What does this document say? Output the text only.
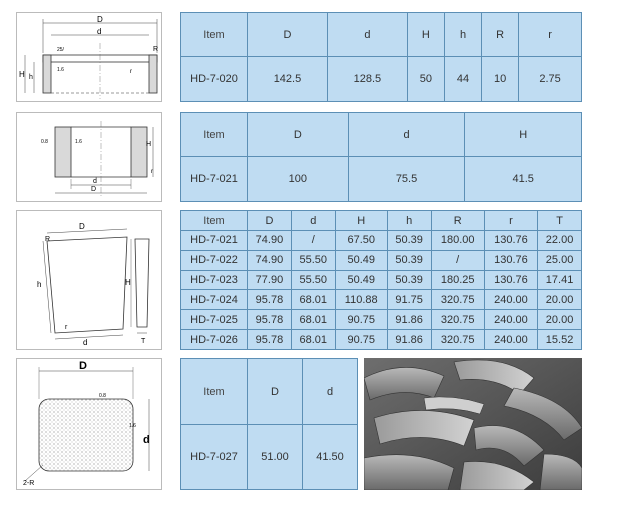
D
d
H h
R
r
25/
1.6
Item	D	d	H	h	R	r
HD-7-020	142.5	128.5	50	44	10	2.75
d
D
H
r
0.8	1.6
Item	D	d	H
HD-7-021	100	75.5	41.5
D
d
R
r
h	H
T
Item	D	d	H	h	R	r	T
HD-7-021	74.90	/	67.50	50.39	180.00	130.76	22.00
HD-7-022	74.90	55.50	50.49	50.39	/	130.76	25.00
HD-7-023	77.90	55.50	50.49	50.39	180.25	130.76	17.41
HD-7-024	95.78	68.01	110.88	91.75	320.75	240.00	20.00
HD-7-025	95.78	68.01	90.75	91.86	320.75	240.00	20.00
HD-7-026	95.78	68.01	90.75	91.86	320.75	240.00	15.52
D
d
0.8
1.6
2-R
Item	D	d
HD-7-027	51.00	41.50
